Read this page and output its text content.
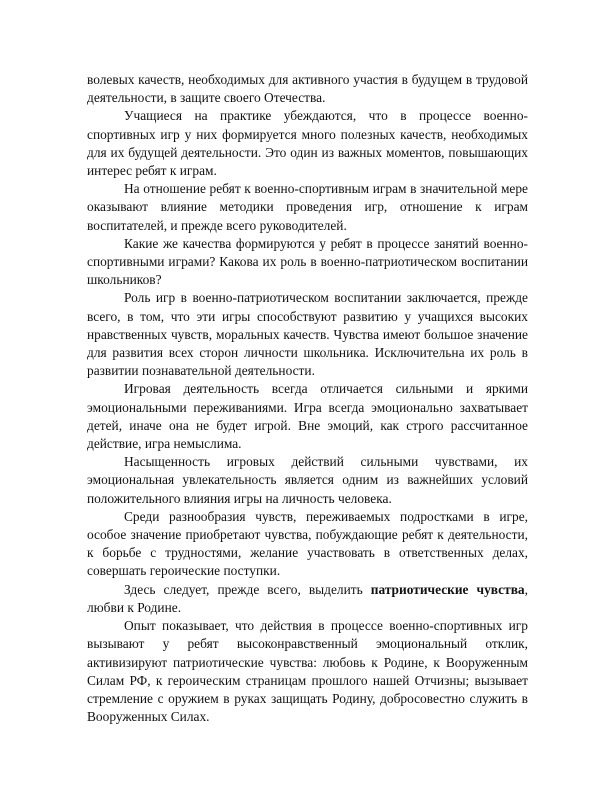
волевых качеств, необходимых для активного участия в будущем в трудовой деятельности, в защите своего Отечества.

Учащиеся на практике убеждаются, что в процессе военно-спортивных игр у них формируется много полезных качеств, необходимых для их будущей деятельности. Это один из важных моментов, повышающих интерес ребят к играм.

На отношение ребят к военно-спортивным играм в значительной мере оказывают влияние методики проведения игр, отношение к играм воспитателей, и прежде всего руководителей.

Какие же качества формируются у ребят в процессе занятий военно-спортивными играми? Какова их роль в военно-патриотическом воспитании школьников?

Роль игр в военно-патриотическом воспитании заключается, прежде всего, в том, что эти игры способствуют развитию у учащихся высоких нравственных чувств, моральных качеств. Чувства имеют большое значение для развития всех сторон личности школьника. Исключительна их роль в развитии познавательной деятельности.

Игровая деятельность всегда отличается сильными и яркими эмоциональными переживаниями. Игра всегда эмоционально захватывает детей, иначе она не будет игрой. Вне эмоций, как строго рассчитанное действие, игра немыслима.

Насыщенность игровых действий сильными чувствами, их эмоциональная увлекательность является одним из важнейших условий положительного влияния игры на личность человека.

Среди разнообразия чувств, переживаемых подростками в игре, особое значение приобретают чувства, побуждающие ребят к деятельности, к борьбе с трудностями, желание участвовать в ответственных делах, совершать героические поступки.

Здесь следует, прежде всего, выделить патриотические чувства, любви к Родине.

Опыт показывает, что действия в процессе военно-спортивных игр вызывают у ребят высоконравственный эмоциональный отклик, активизируют патриотические чувства: любовь к Родине, к Вооруженным Силам РФ, к героическим страницам прошлого нашей Отчизны; вызывает стремление с оружием в руках защищать Родину, добросовестно служить в Вооруженных Силах.
